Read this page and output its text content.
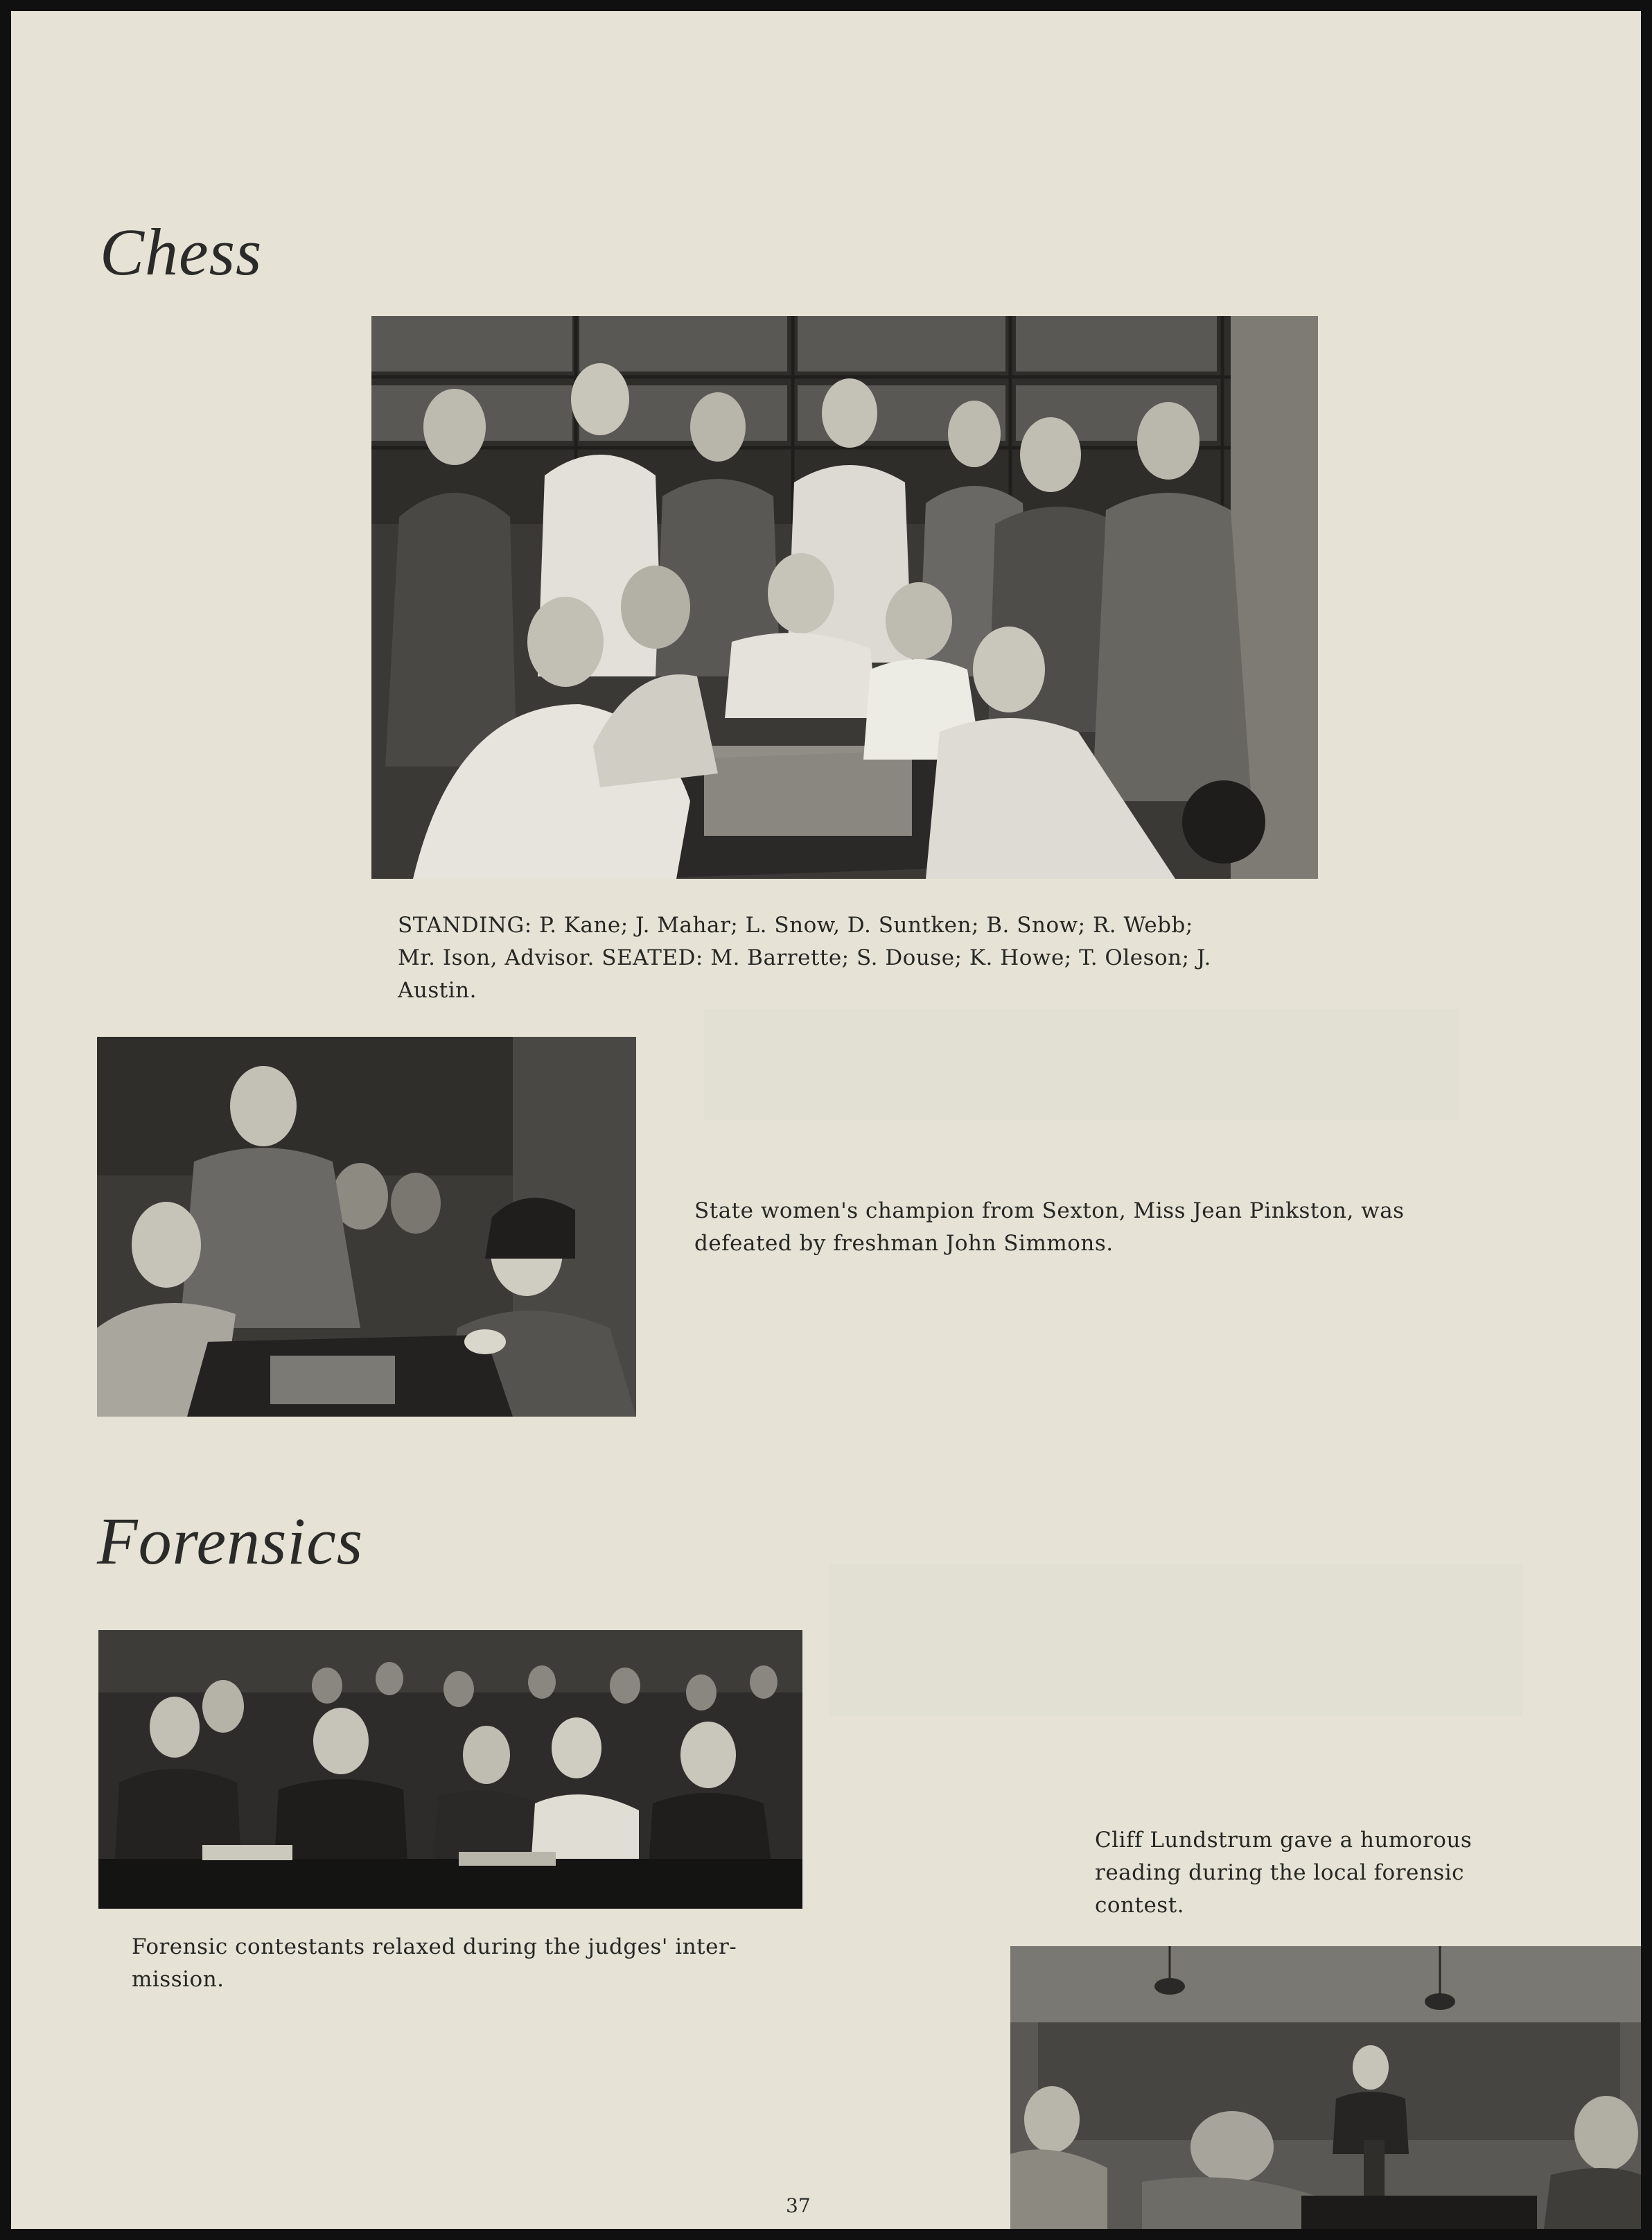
Chess
STANDING: P. Kane; J. Mahar; L. Snow, D. Suntken; B. Snow; R. Webb;
Mr. Ison, Advisor. SEATED: M. Barrette; S. Douse; K. Howe; T. Oleson; J.
Austin.
State women's champion from Sexton, Miss Jean Pinkston, was
defeated by freshman John Simmons.
Forensics
Forensic contestants relaxed during the judges' inter-
mission.
Cliff Lundstrum gave a humorous
reading during the local forensic
contest.
37
